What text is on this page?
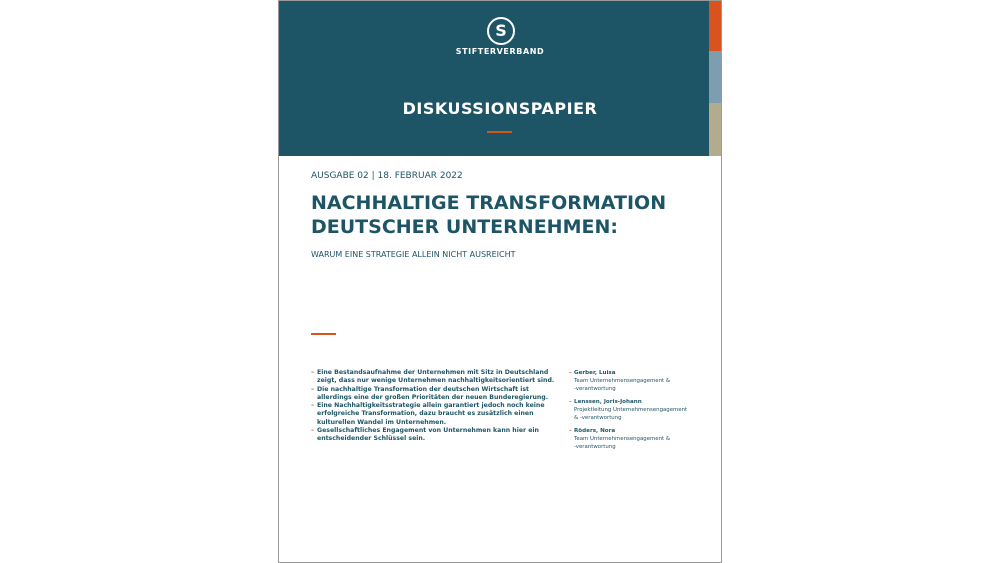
S
STIFTERVERBAND
DISKUSSIONSPAPIER
AUSGABE 02 | 18. FEBRUAR 2022
NACHHALTIGE TRANSFORMATION
DEUTSCHER UNTERNEHMEN:
WARUM EINE STRATEGIE ALLEIN NICHT AUSREICHT
– Eine Bestandsaufnahme der Unternehmen mit Sitz in Deutschland zeigt, dass nur wenige Unternehmen nachhaltigkeitsorientiert sind.
– Die nachhaltige Transformation der deutschen Wirtschaft ist allerdings eine der großen Prioritäten der neuen Bunderegierung.
– Eine Nachhaltigkeitsstrategie allein garantiert jedoch noch keine erfolgreiche Transformation, dazu braucht es zusätzlich einen kulturellen Wandel im Unternehmen.
– Gesellschaftliches Engagement von Unternehmen kann hier ein entscheidender Schlüssel sein.
– Gerber, Luisa
Team Unternehmensengagement &
-verantwortung
– Lenssen, Joris-Johann
Projektleitung Unternehmensengagement
& -verantwortung
– Röders, Nora
Team Unternehmensengagement &
-verantwortung
